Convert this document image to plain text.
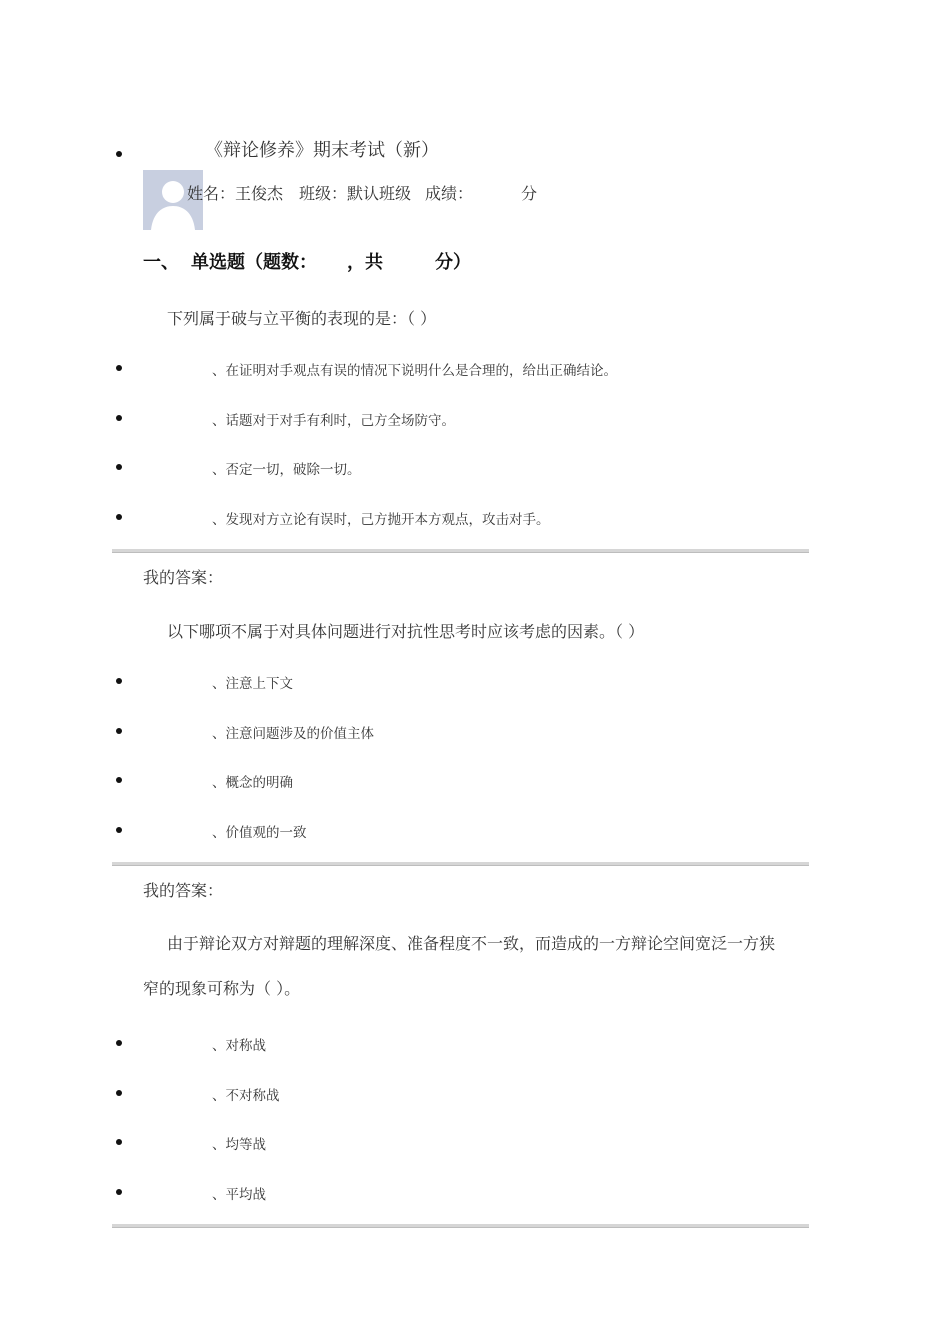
《辩论修养》期末考试（新）
姓名：王俊杰 班级：默认班级 成绩：	分
一、 单选题（题数： ，共	分）
下列属于破与立平衡的表现的是：（ ）
、在证明对手观点有误的情况下说明什么是合理的，给出正确结论。
、话题对于对手有利时，己方全场防守。
、否定一切，破除一切。
、发现对方立论有误时，己方抛开本方观点，攻击对手。
我的答案：
以下哪项不属于对具体问题进行对抗性思考时应该考虑的因素。（ ）
、注意上下文
、注意问题涉及的价值主体
、概念的明确
、价值观的一致
我的答案：
由于辩论双方对辩题的理解深度、准备程度不一致，而造成的一方辩论空间宽泛一方狭
窄的现象可称为（ ）。
、对称战
、不对称战
、均等战
、平均战
